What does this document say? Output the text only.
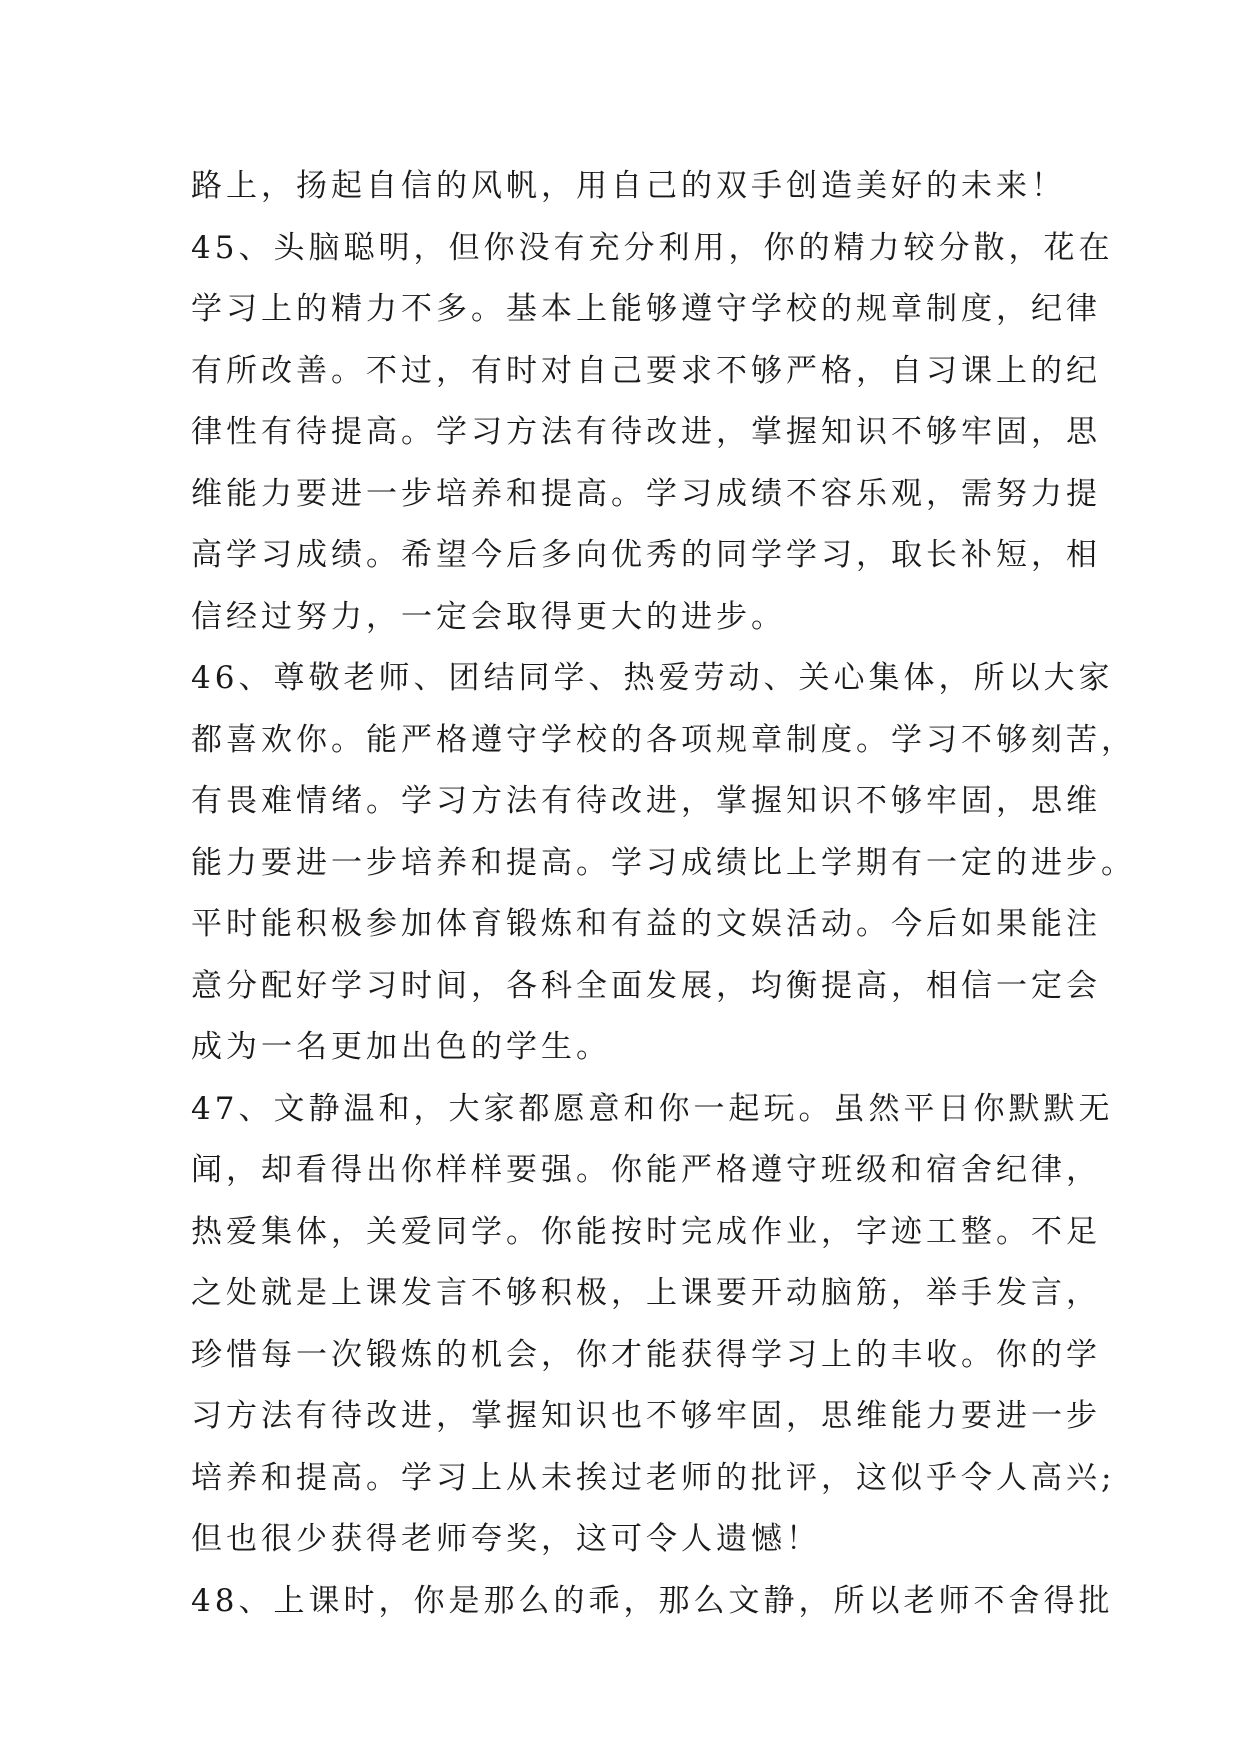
路上，扬起自信的风帆，用自己的双手创造美好的未来！
45、头脑聪明，但你没有充分利用，你的精力较分散，花在
学习上的精力不多。基本上能够遵守学校的规章制度，纪律
有所改善。不过，有时对自己要求不够严格，自习课上的纪
律性有待提高。学习方法有待改进，掌握知识不够牢固，思
维能力要进一步培养和提高。学习成绩不容乐观，需努力提
高学习成绩。希望今后多向优秀的同学学习，取长补短，相
信经过努力，一定会取得更大的进步。
46、尊敬老师、团结同学、热爱劳动、关心集体，所以大家
都喜欢你。能严格遵守学校的各项规章制度。学习不够刻苦，
有畏难情绪。学习方法有待改进，掌握知识不够牢固，思维
能力要进一步培养和提高。学习成绩比上学期有一定的进步。
平时能积极参加体育锻炼和有益的文娱活动。今后如果能注
意分配好学习时间，各科全面发展，均衡提高，相信一定会
成为一名更加出色的学生。
47、文静温和，大家都愿意和你一起玩。虽然平日你默默无
闻，却看得出你样样要强。你能严格遵守班级和宿舍纪律，
热爱集体，关爱同学。你能按时完成作业，字迹工整。不足
之处就是上课发言不够积极，上课要开动脑筋，举手发言，
珍惜每一次锻炼的机会，你才能获得学习上的丰收。你的学
习方法有待改进，掌握知识也不够牢固，思维能力要进一步
培养和提高。学习上从未挨过老师的批评，这似乎令人高兴;
但也很少获得老师夸奖，这可令人遗憾！
48、上课时，你是那么的乖，那么文静，所以老师不舍得批
